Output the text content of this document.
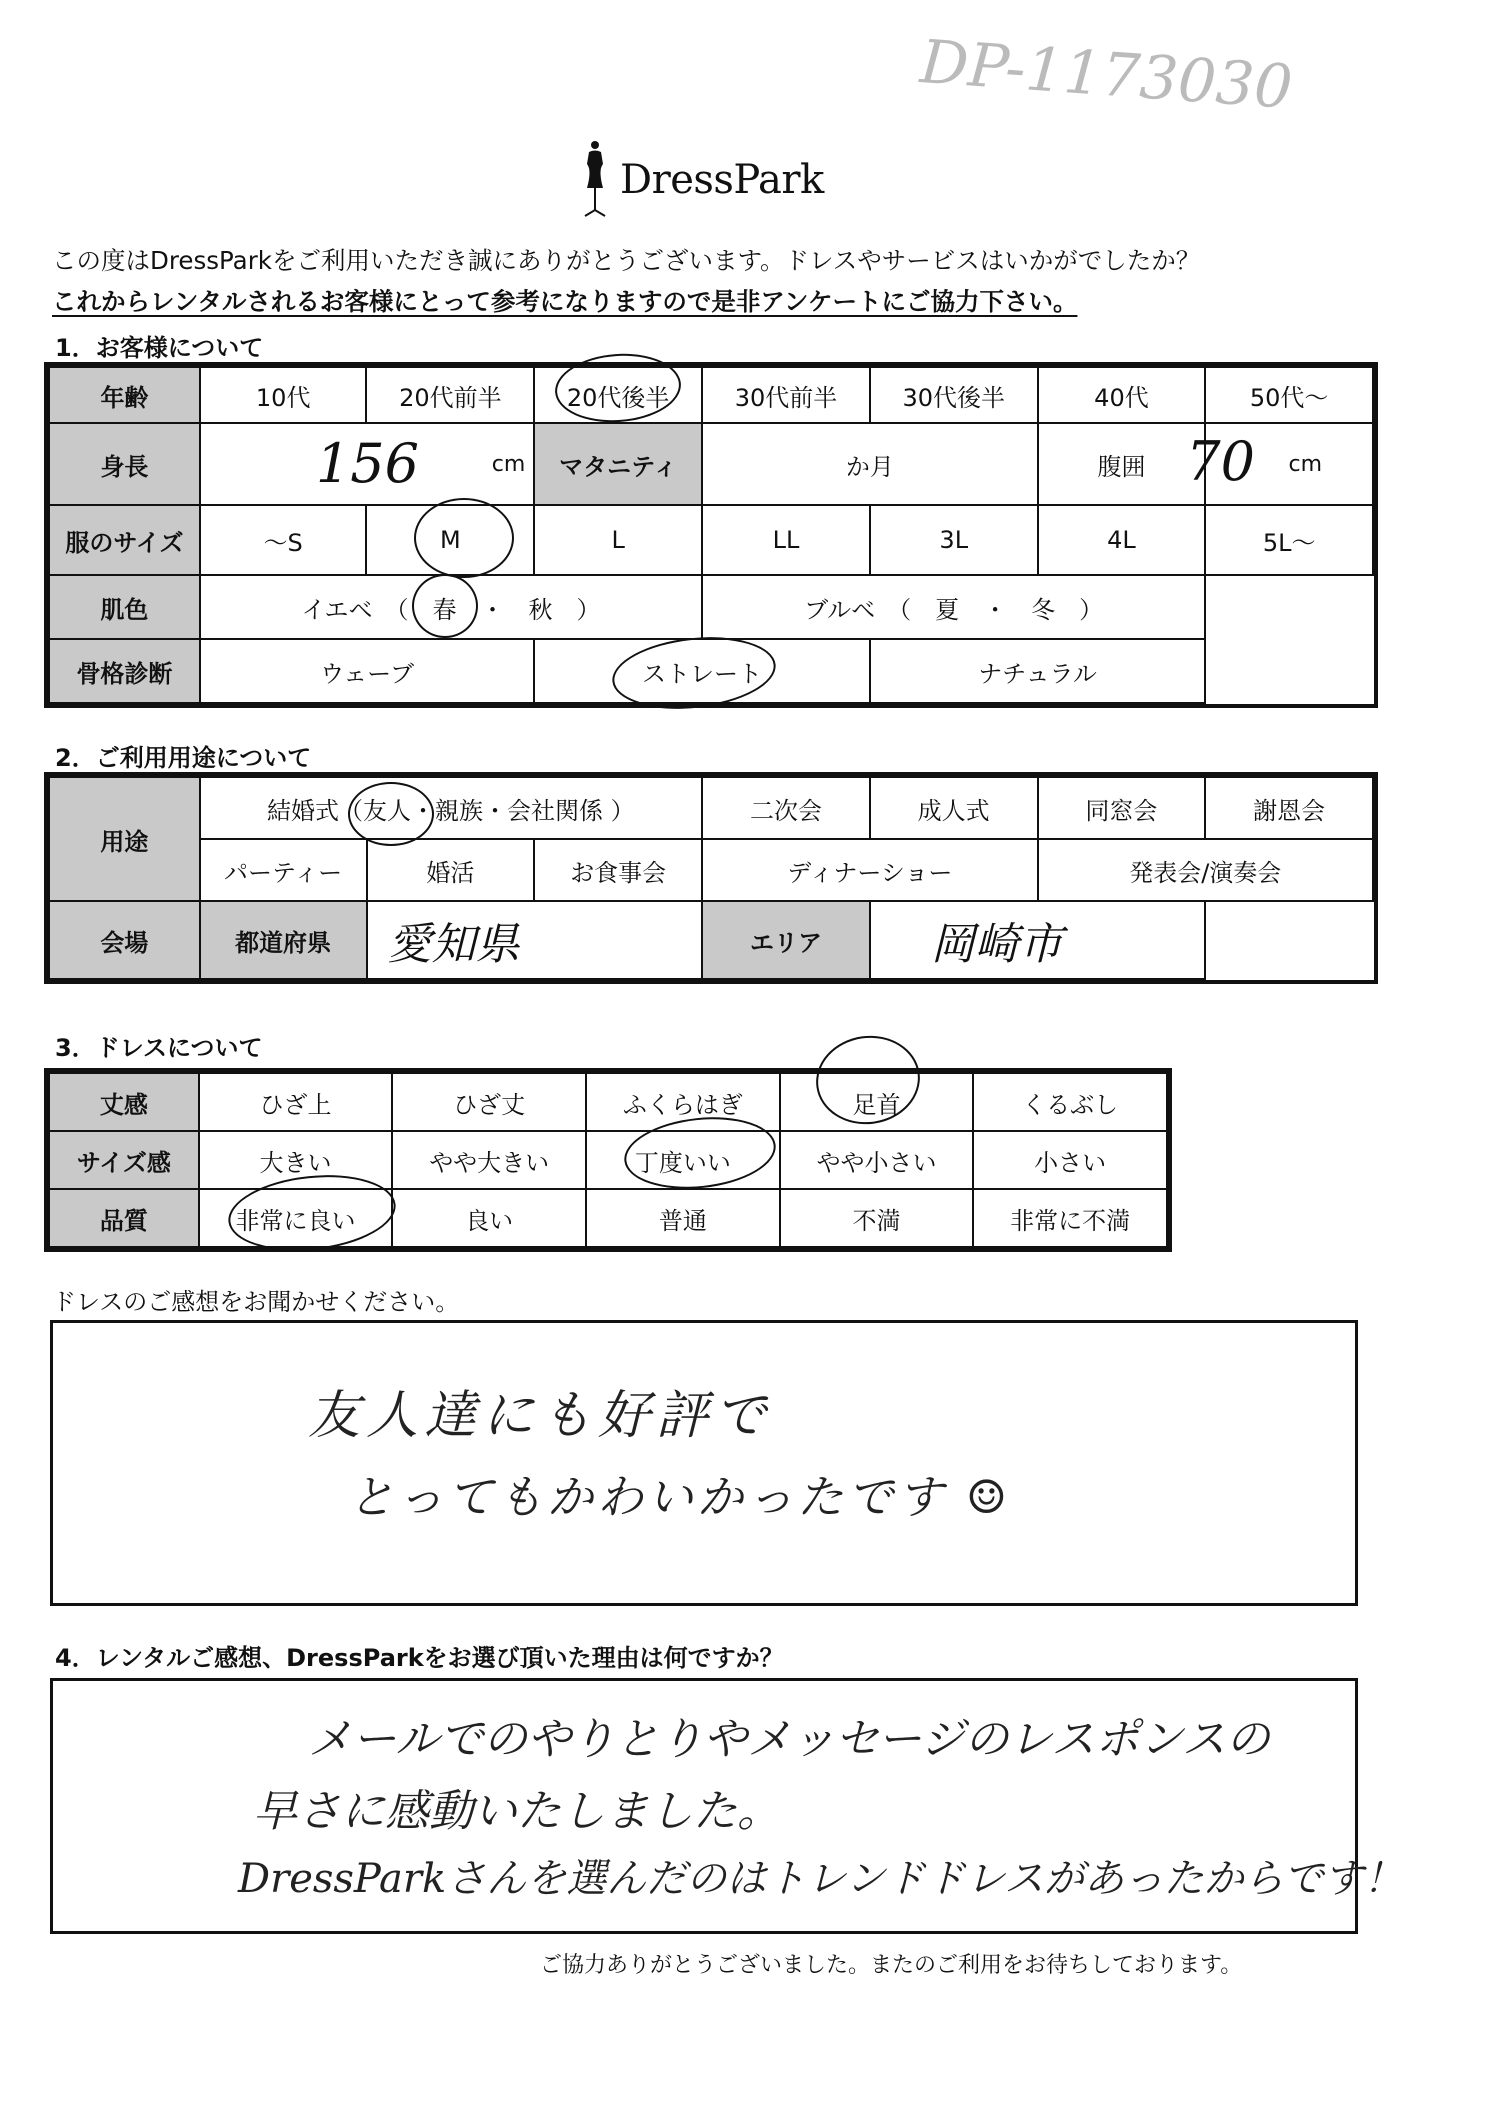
DP-1173030
DressPark
この度はDressParkをご利用いただき誠にありがとうございます。ドレスやサービスはいかがでしたか？
これからレンタルされるお客様にとって参考になりますので是非アンケートにご協力下さい。
1．お客様について
年齢	10代	20代前半	20代後半	30代前半	30代後半	40代	50代～
身長	156 cm		マタニティ	か月		腹囲	70 cm

服のサイズ	～S	M	L	LL	3L	4L	5L～
肌色	イエベ　（　春　・　秋　）			ブルベ　（　夏　・　冬　）			
骨格診断	ウェーブ		ストレート		ナチュラル		
2．ご利用用途について
用途	結婚式（友人・親族・会社関係 ）			二次会	成人式	同窓会	謝恩会
	パーティー	婚活	お食事会	ディナーショー		発表会/演奏会	
会場	都道府県	愛知県		エリア	岡崎市		
3．ドレスについて
丈感	ひざ上	ひざ丈	ふくらはぎ	足首	くるぶし
サイズ感	大きい	やや大きい	丁度いい	やや小さい	小さい
品質	非常に良い	良い	普通	不満	非常に不満
ドレスのご感想をお聞かせください。
友人達にも好評で
とってもかわいかったです ☺
4．レンタルご感想、DressParkをお選び頂いた理由は何ですか？
メールでのやりとりやメッセージのレスポンスの
早さに感動いたしました。
DressParkさんを選んだのはトレンドドレスがあったからです！
ご協力ありがとうございました。またのご利用をお待ちしております。
